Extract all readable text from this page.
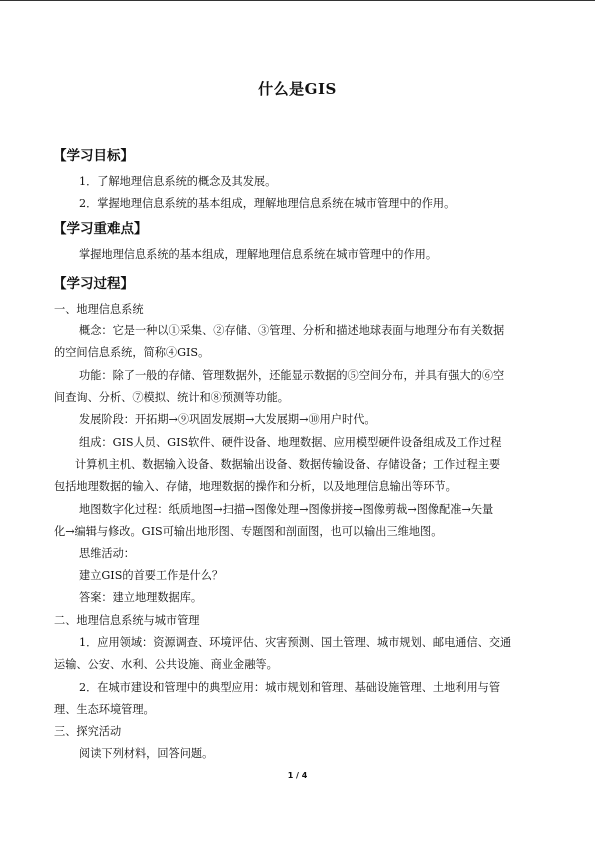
什么是GIS
【学习目标】
1．了解地理信息系统的概念及其发展。
2．掌握地理信息系统的基本组成，理解地理信息系统在城市管理中的作用。
【学习重难点】
掌握地理信息系统的基本组成，理解地理信息系统在城市管理中的作用。
【学习过程】
一、地理信息系统
概念：它是一种以①采集、②存储、③管理、分析和描述地球表面与地理分布有关数据
的空间信息系统，简称④GIS。
功能：除了一般的存储、管理数据外，还能显示数据的⑤空间分布，并具有强大的⑥空
间查询、分析、⑦模拟、统计和⑧预测等功能。
发展阶段：开拓期→⑨巩固发展期→大发展期→⑩用户时代。
组成：GIS人员、GIS软件、硬件设备、地理数据、应用模型硬件设备组成及工作过程
计算机主机、数据输入设备、数据输出设备、数据传输设备、存储设备；工作过程主要
包括地理数据的输入、存储，地理数据的操作和分析，以及地理信息输出等环节。
地图数字化过程：纸质地图→扫描→图像处理→图像拼接→图像剪裁→图像配准→矢量
化→编辑与修改。GIS可输出地形图、专题图和剖面图，也可以输出三维地图。
思维活动：
建立GIS的首要工作是什么？
答案：建立地理数据库。
二、地理信息系统与城市管理
1．应用领域：资源调查、环境评估、灾害预测、国土管理、城市规划、邮电通信、交通
运输、公安、水利、公共设施、商业金融等。
2．在城市建设和管理中的典型应用：城市规划和管理、基础设施管理、土地利用与管
理、生态环境管理。
三、探究活动
阅读下列材料，回答问题。
1 / 4
